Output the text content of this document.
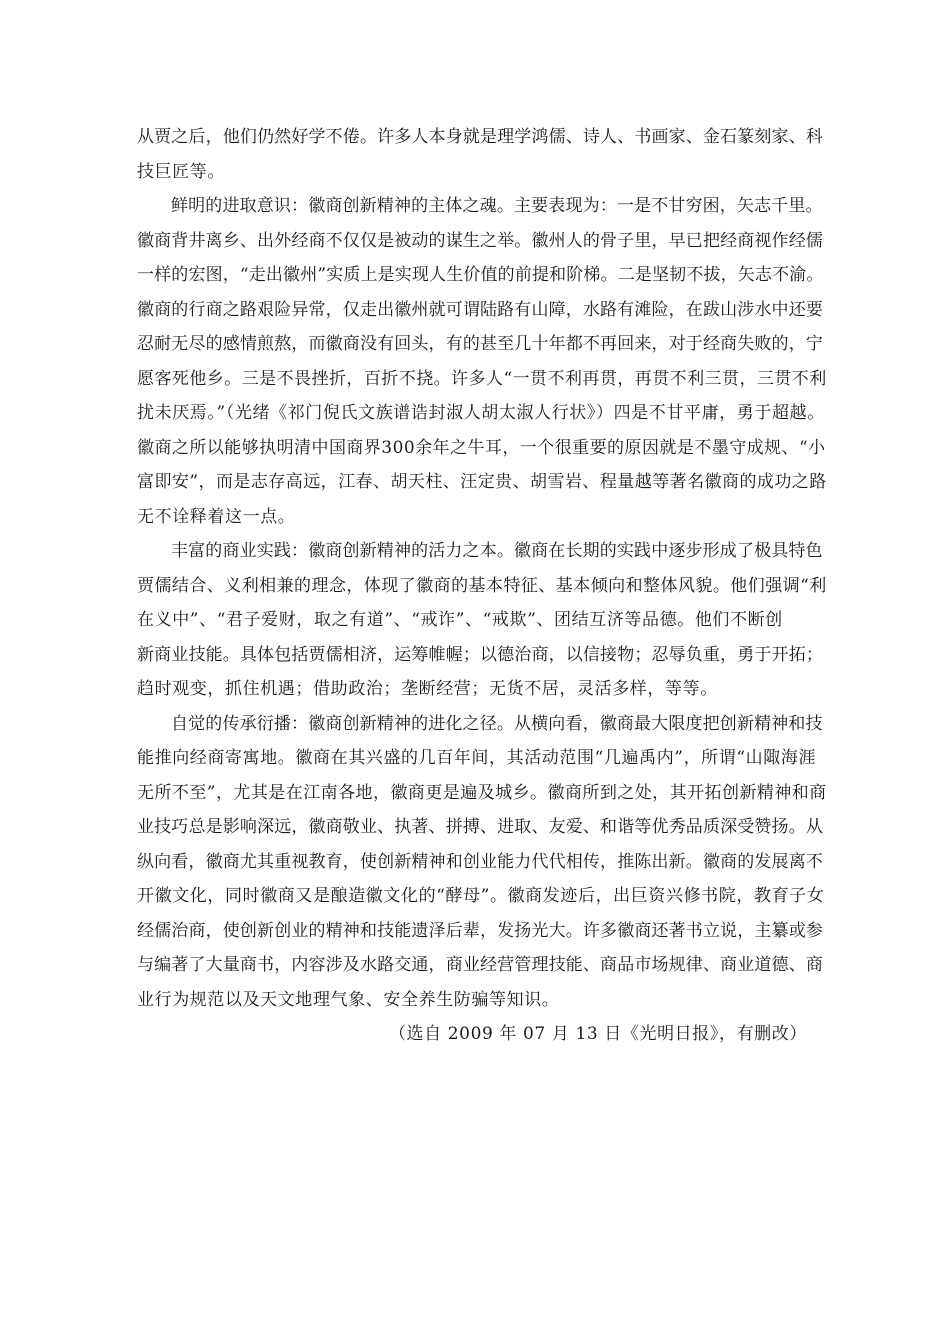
从贾之后，他们仍然好学不倦。许多人本身就是理学鸿儒、诗人、书画家、金石篆刻家、科
技巨匠等。
鲜明的进取意识：徽商创新精神的主体之魂。主要表现为：一是不甘穷困，矢志千里。
徽商背井离乡、出外经商不仅仅是被动的谋生之举。徽州人的骨子里，早已把经商视作经儒
一样的宏图，“走出徽州”实质上是实现人生价值的前提和阶梯。二是坚韧不拔，矢志不渝。
徽商的行商之路艰险异常，仅走出徽州就可谓陆路有山障，水路有滩险，在跋山涉水中还要
忍耐无尽的感情煎熬，而徽商没有回头，有的甚至几十年都不再回来，对于经商失败的，宁
愿客死他乡。三是不畏挫折，百折不挠。许多人“一贯不利再贯，再贯不利三贯，三贯不利
扰未厌焉。”（光绪《祁门倪氏文族谱诰封淑人胡太淑人行状》）四是不甘平庸，勇于超越。
徽商之所以能够执明清中国商界300余年之牛耳，一个很重要的原因就是不墨守成规、“小
富即安”，而是志存高远，江春、胡天柱、汪定贵、胡雪岩、程量越等著名徽商的成功之路
无不诠释着这一点。
丰富的商业实践：徽商创新精神的活力之本。徽商在长期的实践中逐步形成了极具特色
贾儒结合、义利相兼的理念，体现了徽商的基本特征、基本倾向和整体风貌。他们强调“利
在义中”、“君子爱财，取之有道”、“戒诈”、“戒欺”、团结互济等品德。他们不断创
新商业技能。具体包括贾儒相济，运筹帷幄；以德治商，以信接物；忍辱负重，勇于开拓；
趋时观变，抓住机遇；借助政治；垄断经营；无货不居，灵活多样，等等。
自觉的传承衍播：徽商创新精神的进化之径。从横向看，徽商最大限度把创新精神和技
能推向经商寄寓地。徽商在其兴盛的几百年间，其活动范围“几遍禹内”，所谓“山陬海涯
无所不至”，尤其是在江南各地，徽商更是遍及城乡。徽商所到之处，其开拓创新精神和商
业技巧总是影响深远，徽商敬业、执著、拼搏、进取、友爱、和谐等优秀品质深受赞扬。从
纵向看，徽商尤其重视教育，使创新精神和创业能力代代相传，推陈出新。徽商的发展离不
开徽文化，同时徽商又是酿造徽文化的“酵母”。徽商发迹后，出巨资兴修书院，教育子女
经儒治商，使创新创业的精神和技能遗泽后辈，发扬光大。许多徽商还著书立说，主纂或参
与编著了大量商书，内容涉及水路交通，商业经营管理技能、商品市场规律、商业道德、商
业行为规范以及天文地理气象、安全养生防骗等知识。
（选自 2009 年 07 月 13 日《光明日报》，有删改）
